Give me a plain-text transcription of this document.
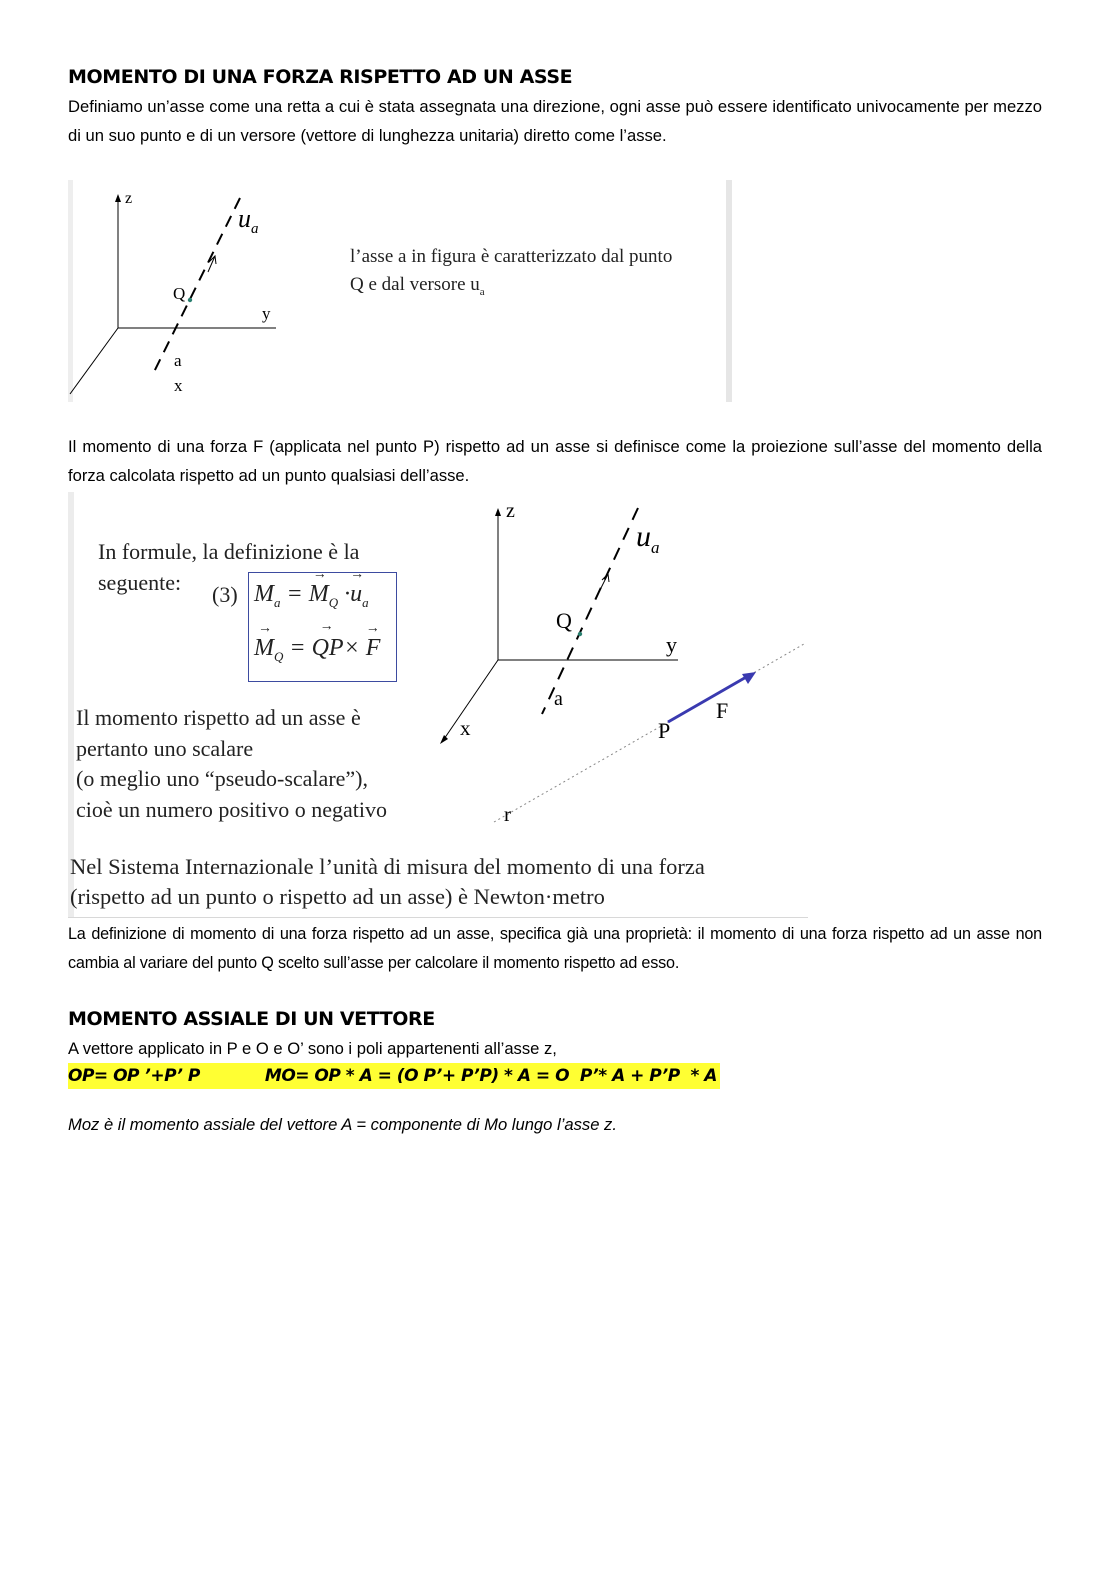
MOMENTO DI UNA FORZA RISPETTO AD UN ASSE
Definiamo un’asse come una retta a cui è stata assegnata una direzione, ogni asse può essere identificato univocamente per mezzo di un suo punto e di un versore (vettore di lunghezza unitaria) diretto come l’asse.
z
y
x
a
Q
$u_a$
l’asse a in figura è caratterizzato dal punto
Q e dal versore $u_a$
Il momento di una forza F (applicata nel punto P) rispetto ad un asse si definisce come la proiezione sull’asse del momento della forza calcolata rispetto ad un punto qualsiasi dell’asse.
In formule, la definizione è la
seguente:	(3) $M_a = M$
→
$_Q$ ·u
→
$_a$
M
→
$_Q$ = QP
→
× F
→
Il momento rispetto ad un asse è
pertanto uno scalare
(o meglio uno “pseudo-scalare”),
cioè un numero positivo o negativo
z
y
x
a
Q
P
F
r
$u_a$
Nel Sistema Internazionale l’unità di misura del momento di una forza
(rispetto ad un punto o rispetto ad un asse) è Newton·metro
La definizione di momento di una forza rispetto ad un asse, specifica già una proprietà: il momento di una forza rispetto ad un asse non cambia al variare del punto Q scelto sull’asse per calcolare il momento rispetto ad esso.
MOMENTO ASSIALE DI UN VETTORE
A vettore applicato in P e O e O’ sono i poli appartenenti all’asse z,
OP= OP ’+P’ P            MO= OP * A = (O P’+ P’P) * A = O  P’* A + P’P  * A
Moz è il momento assiale del vettore A = componente di Mo lungo l’asse z.
